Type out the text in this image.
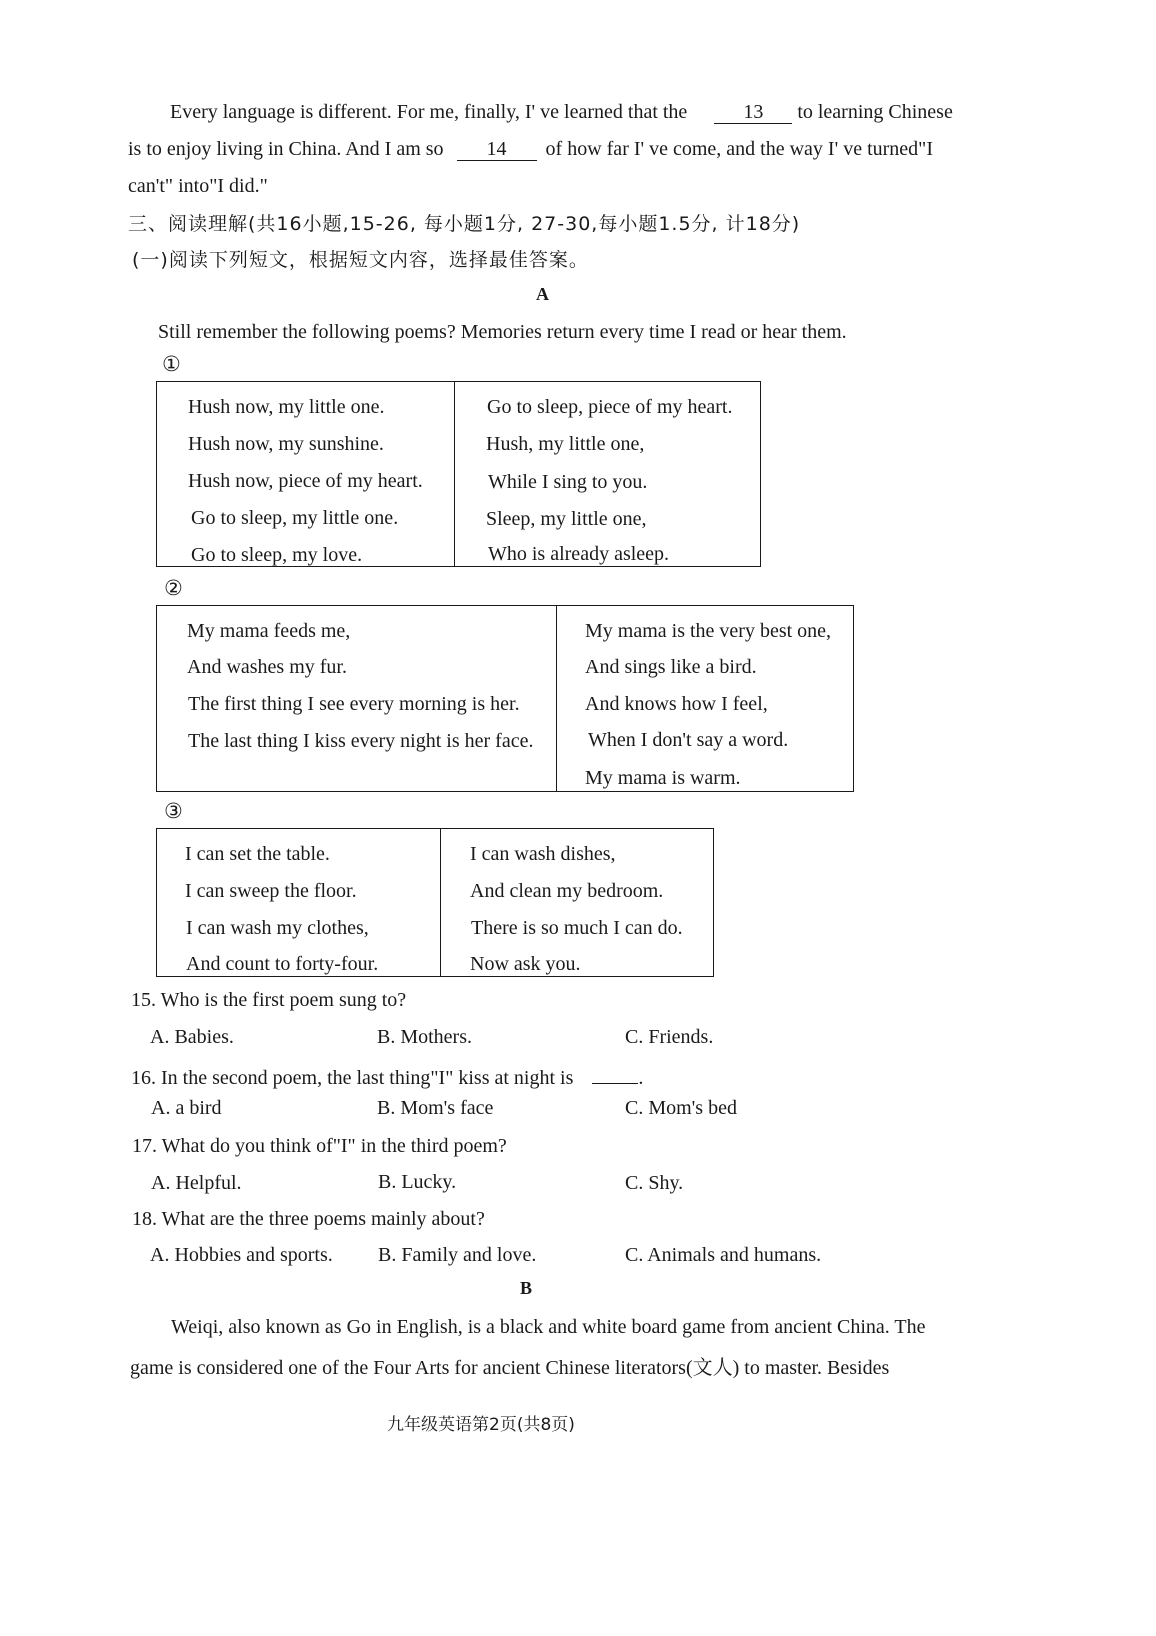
Every language is different. For me, finally, I' ve learned that the	13 to learning Chinese
is to enjoy living in China. And I am so 14 of how far I' ve come, and the way I' ve turned"I
can't" into"I did."
三、阅读理解(共16小题,15-26, 每小题1分, 27-30,每小题1.5分, 计18分)
(一)阅读下列短文，根据短文内容，选择最佳答案。
A
Still remember the following poems? Memories return every time I read or hear them.
①
Hush now, my little one.
Hush now, my sunshine.
Hush now, piece of my heart.
Go to sleep, my little one.
Go to sleep, my love.
Go to sleep, piece of my heart.
Hush, my little one,
While I sing to you.
Sleep, my little one,
Who is already asleep.
②
My mama feeds me,
And washes my fur.
The first thing I see every morning is her.
The last thing I kiss every night is her face.
My mama is the very best one,
And sings like a bird.
And knows how I feel,
When I don't say a word.
My mama is warm.
③
I can set the table.
I can sweep the floor.
I can wash my clothes,
And count to forty-four.
I can wash dishes,
And clean my bedroom.
There is so much I can do.
Now ask you.
15. Who is the first poem sung to?
A. Babies.	B. Mothers.	C. Friends.
16. In the second poem, the last thing"I" kiss at night is	.
A. a bird	B. Mom's face	C. Mom's bed
17. What do you think of"I" in the third poem?
A. Helpful.	B. Lucky.	C. Shy.
18. What are the three poems mainly about?
A. Hobbies and sports. B. Family and love.	C. Animals and humans.
B
Weiqi, also known as Go in English, is a black and white board game from ancient China. The
game is considered one of the Four Arts for ancient Chinese literators(文人) to master. Besides
九年级英语第2页(共8页)
